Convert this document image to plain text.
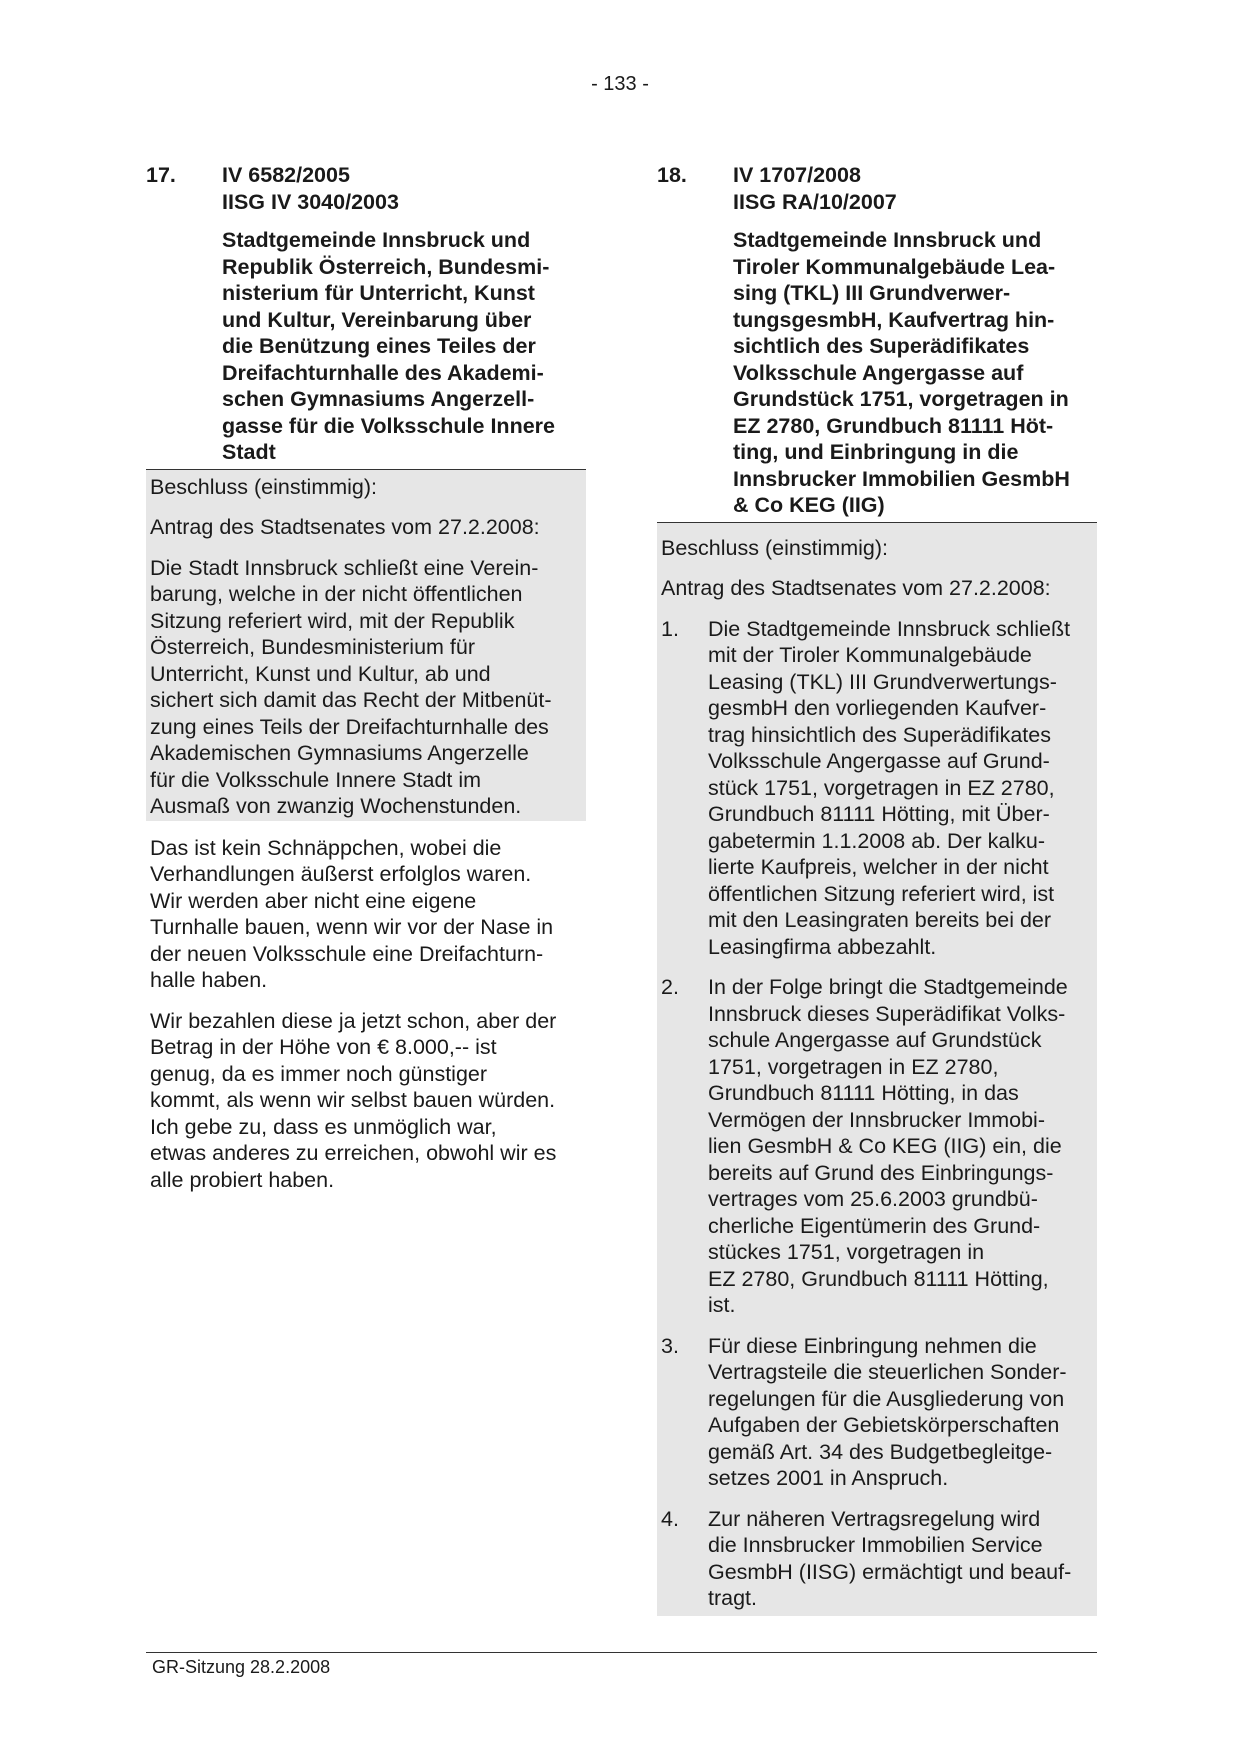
- 133 -
17.	IV 6582/2005
IISG IV 3040/2003
Stadtgemeinde Innsbruck und
Republik Österreich, Bundesmi-
nisterium für Unterricht, Kunst
und Kultur, Vereinbarung über
die Benützung eines Teiles der
Dreifachturnhalle des Akademi-
schen Gymnasiums Angerzell-
gasse für die Volksschule Innere
Stadt
Beschluss (einstimmig):
Antrag des Stadtsenates vom 27.2.2008:
Die Stadt Innsbruck schließt eine Verein-
barung, welche in der nicht öffentlichen
Sitzung referiert wird, mit der Republik
Österreich, Bundesministerium für
Unterricht, Kunst und Kultur, ab und
sichert sich damit das Recht der Mitbenüt-
zung eines Teils der Dreifachturnhalle des
Akademischen Gymnasiums Angerzelle
für die Volksschule Innere Stadt im
Ausmaß von zwanzig Wochenstunden.
Das ist kein Schnäppchen, wobei die
Verhandlungen äußerst erfolglos waren.
Wir werden aber nicht eine eigene
Turnhalle bauen, wenn wir vor der Nase in
der neuen Volksschule eine Dreifachturn-
halle haben.
Wir bezahlen diese ja jetzt schon, aber der
Betrag in der Höhe von € 8.000,-- ist
genug, da es immer noch günstiger
kommt, als wenn wir selbst bauen würden.
Ich gebe zu, dass es unmöglich war,
etwas anderes zu erreichen, obwohl wir es
alle probiert haben.
18.	IV 1707/2008
IISG RA/10/2007
Stadtgemeinde Innsbruck und
Tiroler Kommunalgebäude Lea-
sing (TKL) III Grundverwer-
tungsgesmbH, Kaufvertrag hin-
sichtlich des Superädifikates
Volksschule Angergasse auf
Grundstück 1751, vorgetragen in
EZ 2780, Grundbuch 81111 Höt-
ting, und Einbringung in die
Innsbrucker Immobilien GesmbH
& Co KEG (IIG)
Beschluss (einstimmig):
Antrag des Stadtsenates vom 27.2.2008:
1.	Die Stadtgemeinde Innsbruck schließt
mit der Tiroler Kommunalgebäude
Leasing (TKL) III Grundverwertungs-
gesmbH den vorliegenden Kaufver-
trag hinsichtlich des Superädifikates
Volksschule Angergasse auf Grund-
stück 1751, vorgetragen in EZ 2780,
Grundbuch 81111 Hötting, mit Über-
gabetermin 1.1.2008 ab. Der kalku-
lierte Kaufpreis, welcher in der nicht
öffentlichen Sitzung referiert wird, ist
mit den Leasingraten bereits bei der
Leasingfirma abbezahlt.
2.	In der Folge bringt die Stadtgemeinde
Innsbruck dieses Superädifikat Volks-
schule Angergasse auf Grundstück
1751, vorgetragen in EZ 2780,
Grundbuch 81111 Hötting, in das
Vermögen der Innsbrucker Immobi-
lien GesmbH & Co KEG (IIG) ein, die
bereits auf Grund des Einbringungs-
vertrages vom 25.6.2003 grundbü-
cherliche Eigentümerin des Grund-
stückes 1751, vorgetragen in
EZ 2780, Grundbuch 81111 Hötting,
ist.
3.	Für diese Einbringung nehmen die
Vertragsteile die steuerlichen Sonder-
regelungen für die Ausgliederung von
Aufgaben der Gebietskörperschaften
gemäß Art. 34 des Budgetbegleitge-
setzes 2001 in Anspruch.
4.	Zur näheren Vertragsregelung wird
die Innsbrucker Immobilien Service
GesmbH (IISG) ermächtigt und beauf-
tragt.
GR-Sitzung 28.2.2008
